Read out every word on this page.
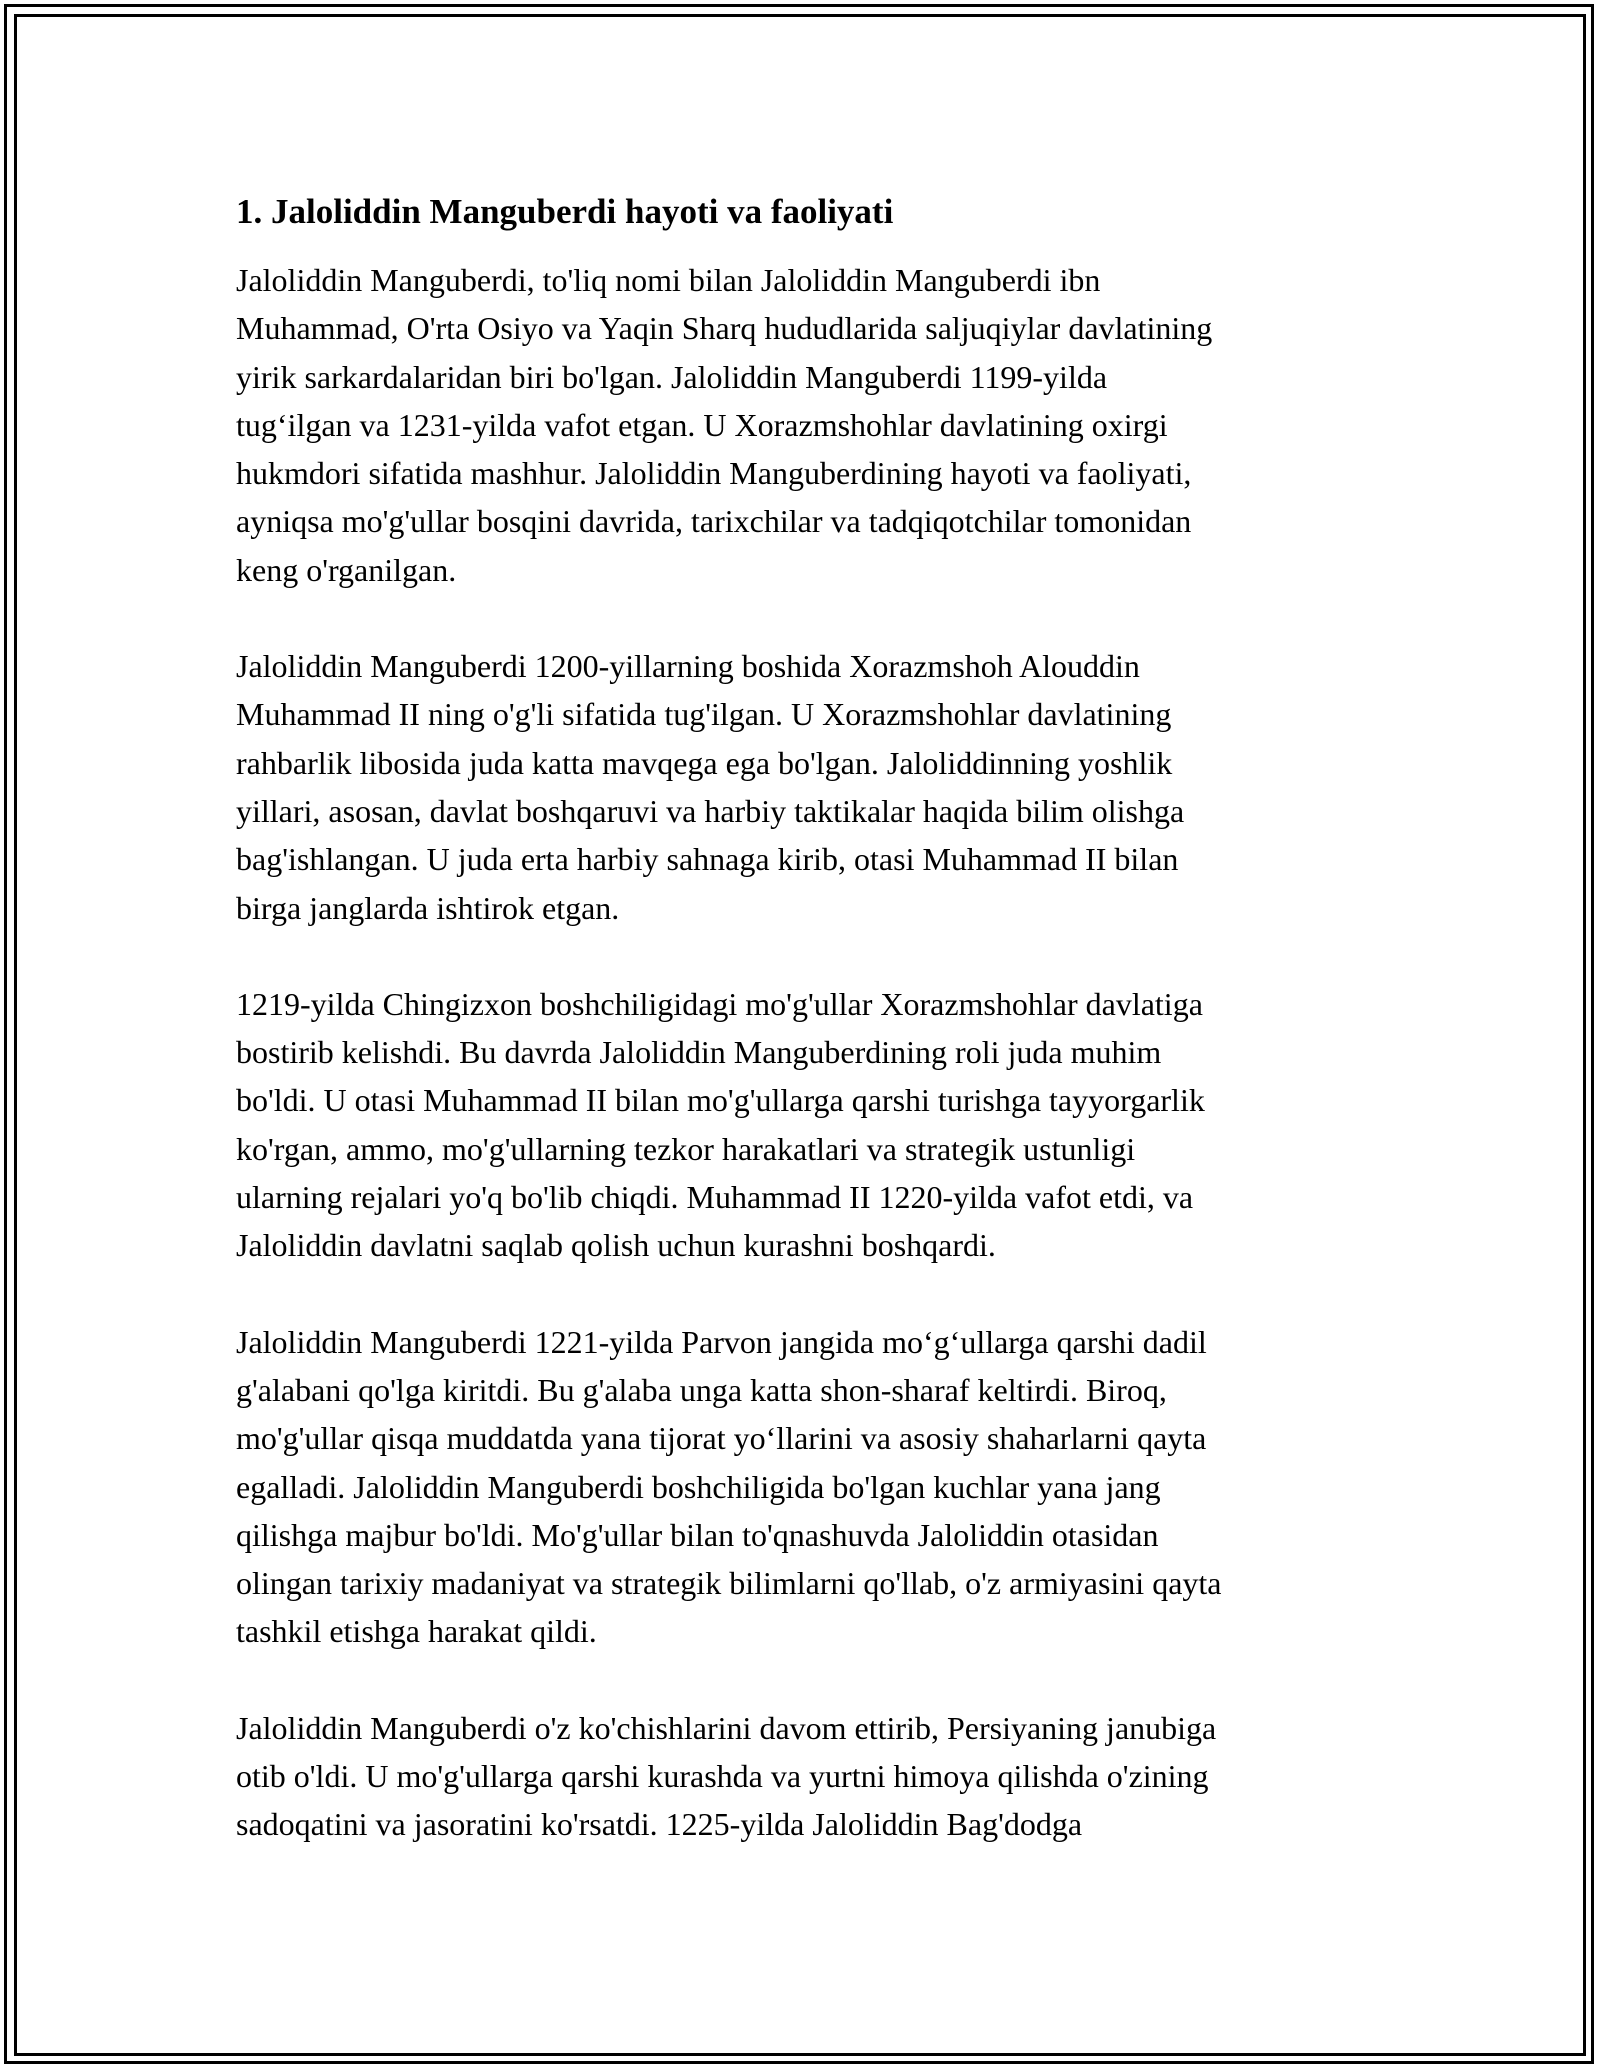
1. Jaloliddin Manguberdi hayoti va faoliyati
Jaloliddin Manguberdi, to'liq nomi bilan Jaloliddin Manguberdi ibn
Muhammad, O'rta Osiyo va Yaqin Sharq hududlarida saljuqiylar davlatining
yirik sarkardalaridan biri bo'lgan. Jaloliddin Manguberdi 1199-yilda
tug‘ilgan va 1231-yilda vafot etgan. U Xorazmshohlar davlatining oxirgi
hukmdori sifatida mashhur. Jaloliddin Manguberdining hayoti va faoliyati,
ayniqsa mo'g'ullar bosqini davrida, tarixchilar va tadqiqotchilar tomonidan
keng o'rganilgan.
Jaloliddin Manguberdi 1200-yillarning boshida Xorazmshoh Alouddin
Muhammad II ning o'g'li sifatida tug'ilgan. U Xorazmshohlar davlatining
rahbarlik libosida juda katta mavqega ega bo'lgan. Jaloliddinning yoshlik
yillari, asosan, davlat boshqaruvi va harbiy taktikalar haqida bilim olishga
bag'ishlangan. U juda erta harbiy sahnaga kirib, otasi Muhammad II bilan
birga janglarda ishtirok etgan.
1219-yilda Chingizxon boshchiligidagi mo'g'ullar Xorazmshohlar davlatiga
bostirib kelishdi. Bu davrda Jaloliddin Manguberdining roli juda muhim
bo'ldi. U otasi Muhammad II bilan mo'g'ullarga qarshi turishga tayyorgarlik
ko'rgan, ammo, mo'g'ullarning tezkor harakatlari va strategik ustunligi
ularning rejalari yo'q bo'lib chiqdi. Muhammad II 1220-yilda vafot etdi, va
Jaloliddin davlatni saqlab qolish uchun kurashni boshqardi.
Jaloliddin Manguberdi 1221-yilda Parvon jangida mo‘g‘ullarga qarshi dadil
g'alabani qo'lga kiritdi. Bu g'alaba unga katta shon-sharaf keltirdi. Biroq,
mo'g'ullar qisqa muddatda yana tijorat yo‘llarini va asosiy shaharlarni qayta
egalladi. Jaloliddin Manguberdi boshchiligida bo'lgan kuchlar yana jang
qilishga majbur bo'ldi. Mo'g'ullar bilan to'qnashuvda Jaloliddin otasidan
olingan tarixiy madaniyat va strategik bilimlarni qo'llab, o'z armiyasini qayta
tashkil etishga harakat qildi.
Jaloliddin Manguberdi o'z ko'chishlarini davom ettirib, Persiyaning janubiga
otib o'ldi. U mo'g'ullarga qarshi kurashda va yurtni himoya qilishda o'zining
sadoqatini va jasoratini ko'rsatdi. 1225-yilda Jaloliddin Bag'dodga
